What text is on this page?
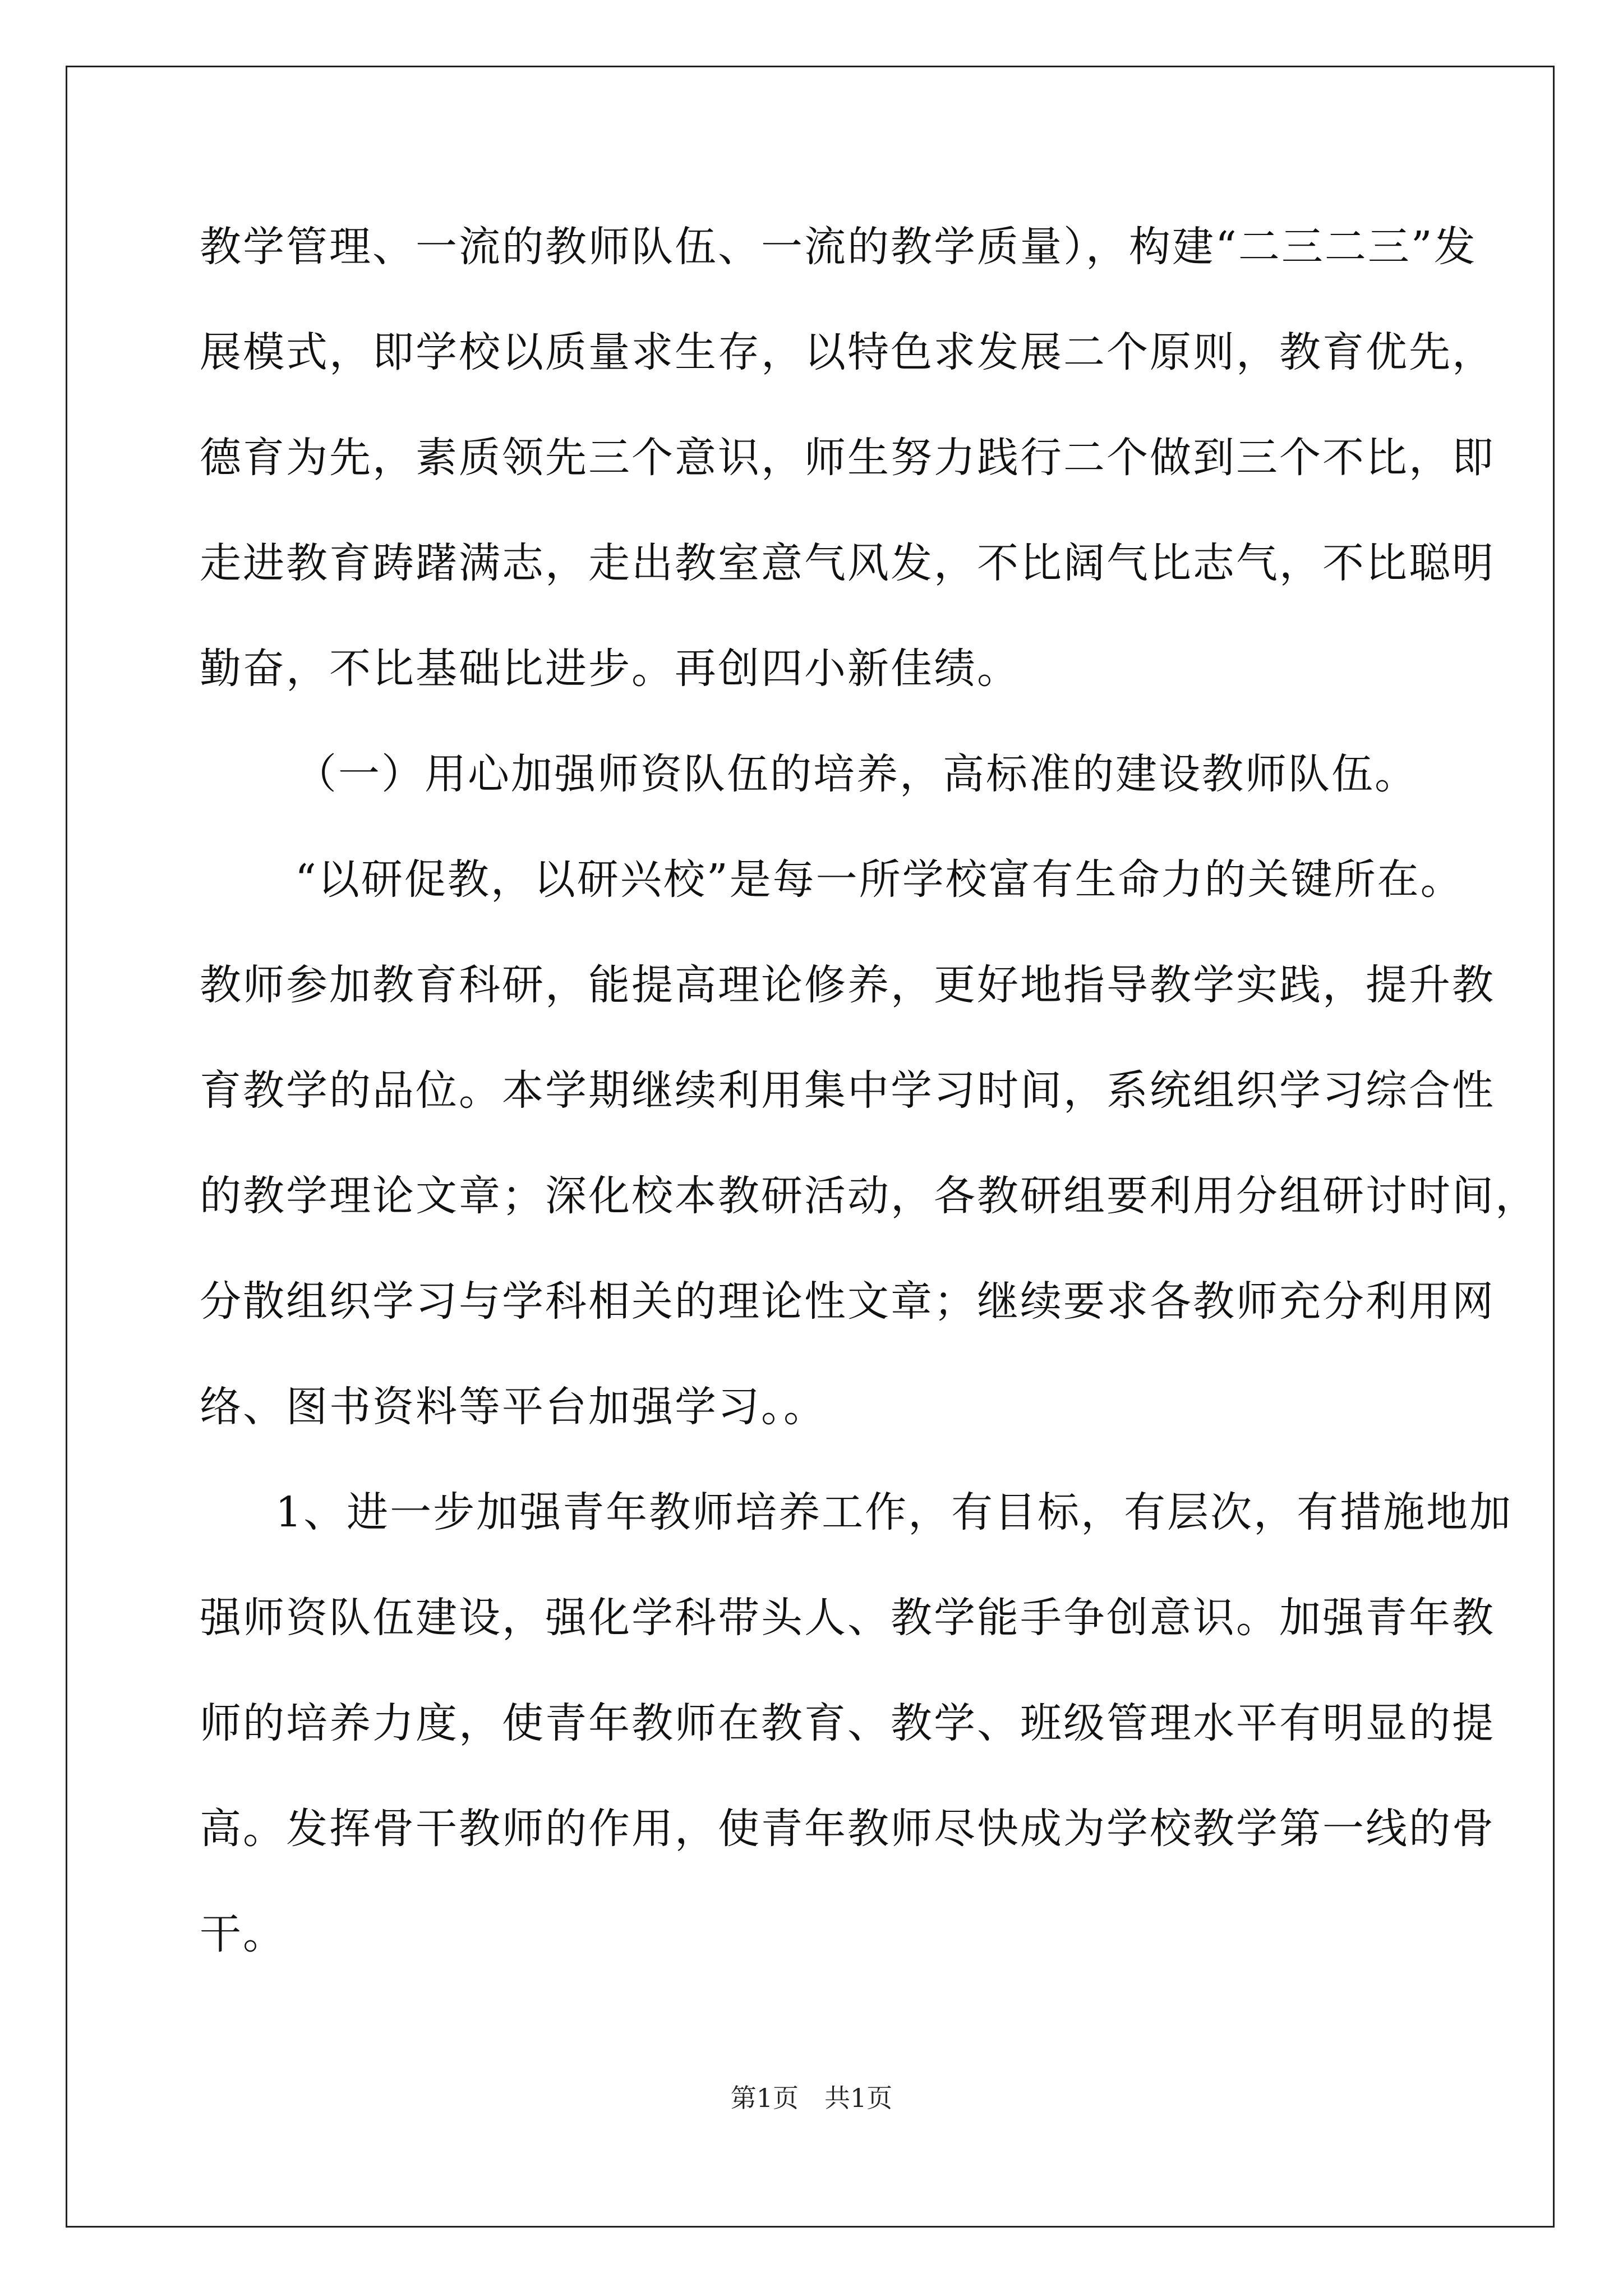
教学管理、一流的教师队伍、一流的教学质量），构建“二三二三”发
展模式，即学校以质量求生存，以特色求发展二个原则，教育优先，
德育为先，素质领先三个意识，师生努力践行二个做到三个不比，即
走进教育踌躇满志，走出教室意气风发，不比阔气比志气，不比聪明
勤奋，不比基础比进步。再创四小新佳绩。
（一）用心加强师资队伍的培养，高标准的建设教师队伍。
“以研促教，以研兴校”是每一所学校富有生命力的关键所在。
教师参加教育科研，能提高理论修养，更好地指导教学实践，提升教
育教学的品位。本学期继续利用集中学习时间，系统组织学习综合性
的教学理论文章；深化校本教研活动，各教研组要利用分组研讨时间，
分散组织学习与学科相关的理论性文章；继续要求各教师充分利用网
络、图书资料等平台加强学习。。
1、进一步加强青年教师培养工作，有目标，有层次，有措施地加
强师资队伍建设，强化学科带头人、教学能手争创意识。加强青年教
师的培养力度，使青年教师在教育、教学、班级管理水平有明显的提
高。发挥骨干教师的作用，使青年教师尽快成为学校教学第一线的骨
干。
第1页　共1页
